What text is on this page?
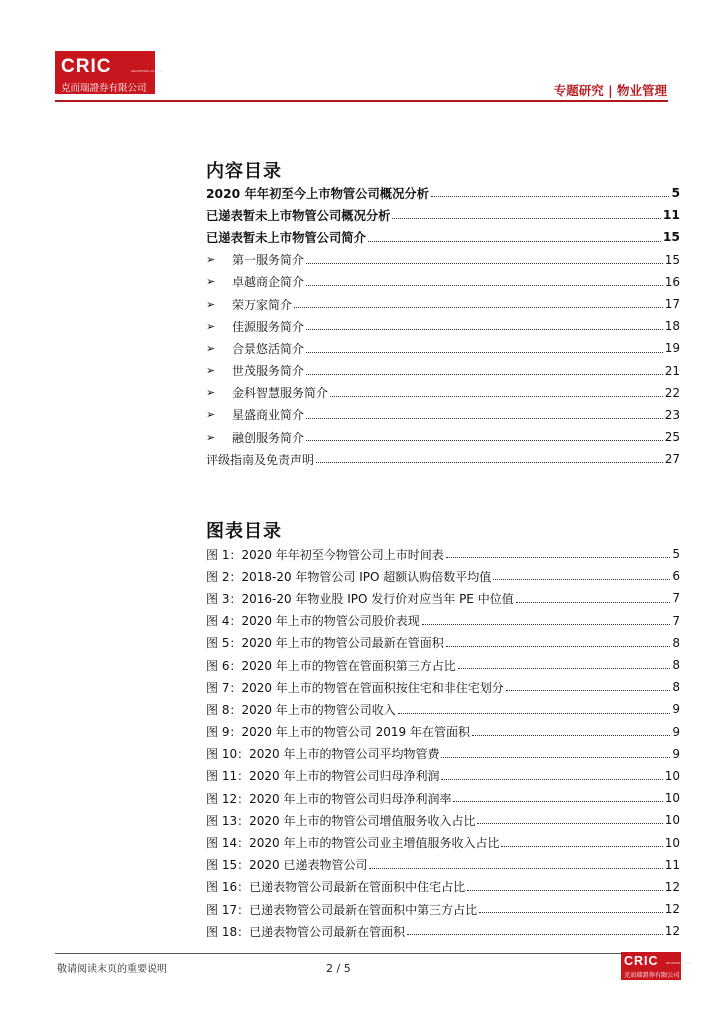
CRIC	SECURITIES CO., LTD
克而瑞證券有限公司	专题研究 | 物业管理
内容目录
2020 年年初至今上市物管公司概况分析	5
已递表暂未上市物管公司概况分析	11
已递表暂未上市物管公司简介	15
➢	第一服务简介	15
➢	卓越商企简介	16
➢	荣万家简介	17
➢	佳源服务简介	18
➢	合景悠活简介	19
➢	世茂服务简介	21
➢	金科智慧服务简介	22
➢	星盛商业简介	23
➢	融创服务简介	25
评级指南及免责声明	27
图表目录
图 1：2020 年年初至今物管公司上市时间表	5
图 2：2018-20 年物管公司 IPO 超额认购倍数平均值	6
图 3：2016-20 年物业股 IPO 发行价对应当年 PE 中位值	7
图 4：2020 年上市的物管公司股价表现	7
图 5：2020 年上市的物管公司最新在管面积	8
图 6：2020 年上市的物管在管面积第三方占比	8
图 7：2020 年上市的物管在管面积按住宅和非住宅划分	8
图 8：2020 年上市的物管公司收入	9
图 9：2020 年上市的物管公司 2019 年在管面积	9
图 10：2020 年上市的物管公司平均物管费	9
图 11：2020 年上市的物管公司归母净利润	10
图 12：2020 年上市的物管公司归母净利润率	10
图 13：2020 年上市的物管公司增值服务收入占比	10
图 14：2020 年上市的物管公司业主增值服务收入占比	10
图 15：2020 已递表物管公司	11
图 16：已递表物管公司最新在管面积中住宅占比	12
图 17：已递表物管公司最新在管面积中第三方占比	12
图 18：已递表物管公司最新在管面积	12
敬请阅读末页的重要说明	2 / 5
CRIC	SECURITIES CO., LTD
克而瑞證券有限公司
